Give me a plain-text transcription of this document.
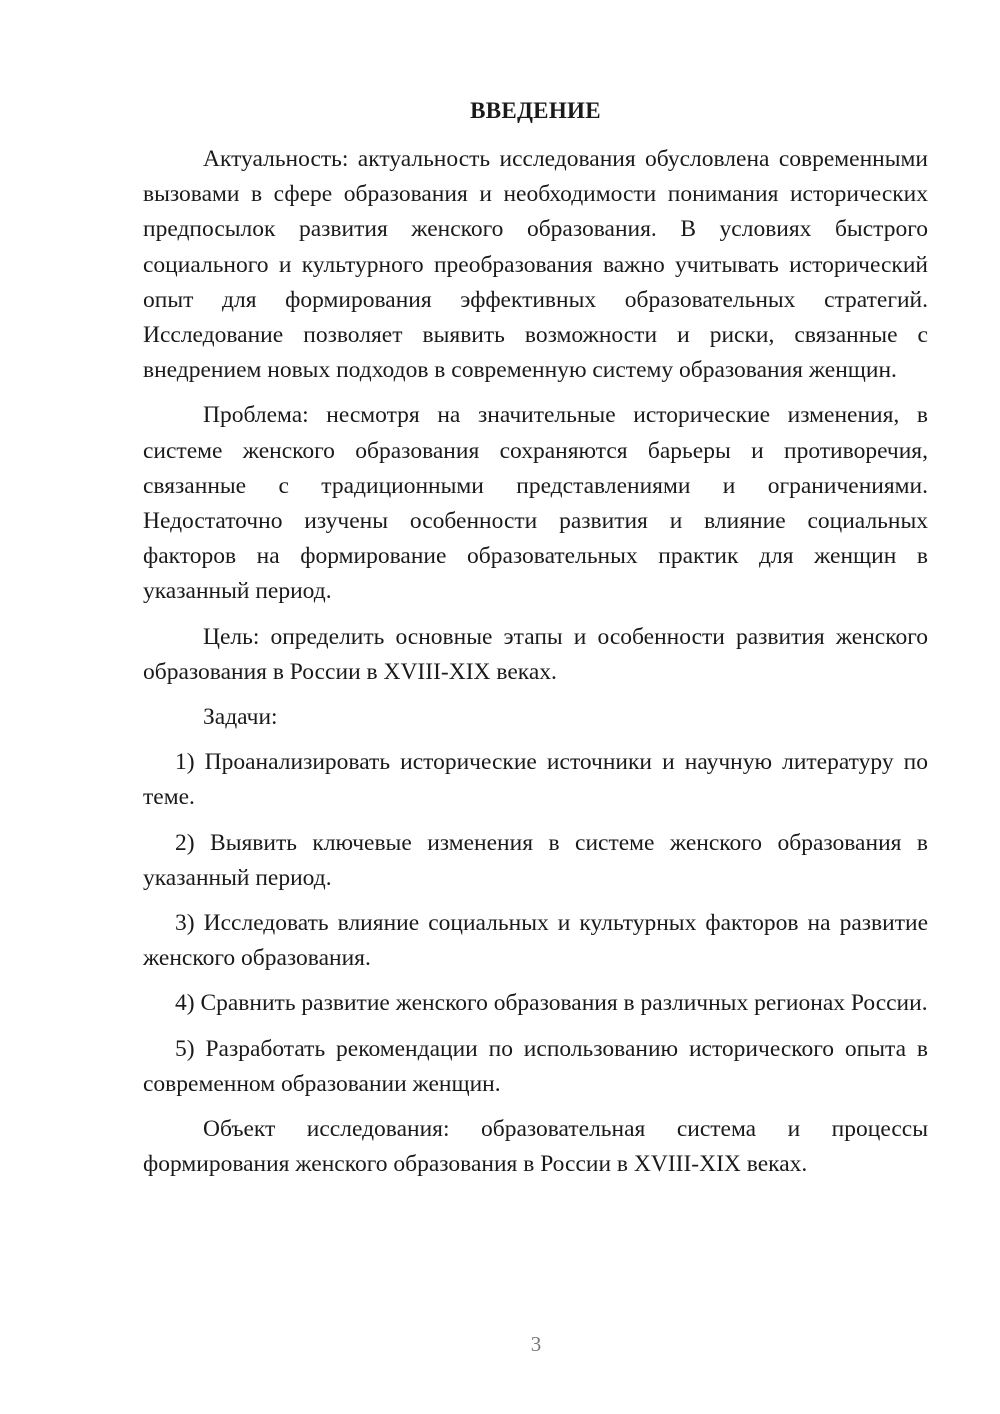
ВВЕДЕНИЕ

Актуальность: актуальность исследования обусловлена современными вызовами в сфере образования и необходимости понимания исторических предпосылок развития женского образования. В условиях быстрого социального и культурного преобразования важно учитывать исторический опыт для формирования эффективных образовательных стратегий. Исследование позволяет выявить возможности и риски, связанные с внедрением новых подходов в современную систему образования женщин.

Проблема: несмотря на значительные исторические изменения, в системе женского образования сохраняются барьеры и противоречия, связанные с традиционными представлениями и ограничениями. Недостаточно изучены особенности развития и влияние социальных факторов на формирование образовательных практик для женщин в указанный период.

Цель: определить основные этапы и особенности развития женского образования в России в XVIII-XIX веках.

Задачи:

1) Проанализировать исторические источники и научную литературу по теме.

2) Выявить ключевые изменения в системе женского образования в указанный период.

3) Исследовать влияние социальных и культурных факторов на развитие женского образования.

4) Сравнить развитие женского образования в различных регионах России.

5) Разработать рекомендации по использованию исторического опыта в современном образовании женщин.

Объект исследования: образовательная система и процессы формирования женского образования в России в XVIII-XIX веках.

3
